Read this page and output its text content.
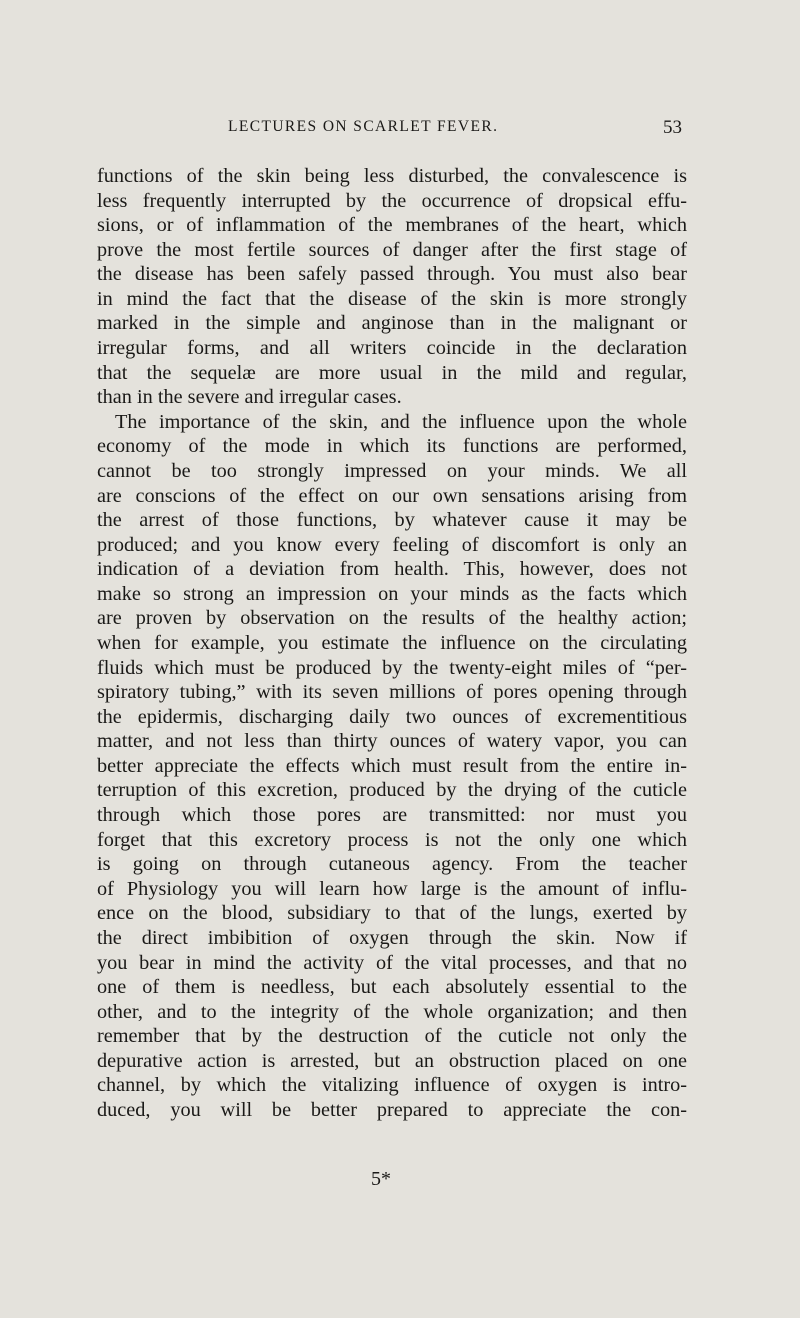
LECTURES ON SCARLET FEVER.	53
functions of the skin being less disturbed, the convalescence is
less frequently interrupted by the occurrence of dropsical effu-
sions, or of inflammation of the membranes of the heart, which
prove the most fertile sources of danger after the first stage of
the disease has been safely passed through. You must also bear
in mind the fact that the disease of the skin is more strongly
marked in the simple and anginose than in the malignant or
irregular forms, and all writers coincide in the declaration
that the sequelæ are more usual in the mild and regular,
than in the severe and irregular cases.
The importance of the skin, and the influence upon the whole
economy of the mode in which its functions are performed,
cannot be too strongly impressed on your minds. We all
are conscions of the effect on our own sensations arising from
the arrest of those functions, by whatever cause it may be
produced; and you know every feeling of discomfort is only an
indication of a deviation from health. This, however, does not
make so strong an impression on your minds as the facts which
are proven by observation on the results of the healthy action;
when for example, you estimate the influence on the circulating
fluids which must be produced by the twenty-eight miles of “per-
spiratory tubing,” with its seven millions of pores opening through
the epidermis, discharging daily two ounces of excrementitious
matter, and not less than thirty ounces of watery vapor, you can
better appreciate the effects which must result from the entire in-
terruption of this excretion, produced by the drying of the cuticle
through which those pores are transmitted: nor must you
forget that this excretory process is not the only one which
is going on through cutaneous agency. From the teacher
of Physiology you will learn how large is the amount of influ-
ence on the blood, subsidiary to that of the lungs, exerted by
the direct imbibition of oxygen through the skin. Now if
you bear in mind the activity of the vital processes, and that no
one of them is needless, but each absolutely essential to the
other, and to the integrity of the whole organization; and then
remember that by the destruction of the cuticle not only the
depurative action is arrested, but an obstruction placed on one
channel, by which the vitalizing influence of oxygen is intro-
duced, you will be better prepared to appreciate the con-
5*
